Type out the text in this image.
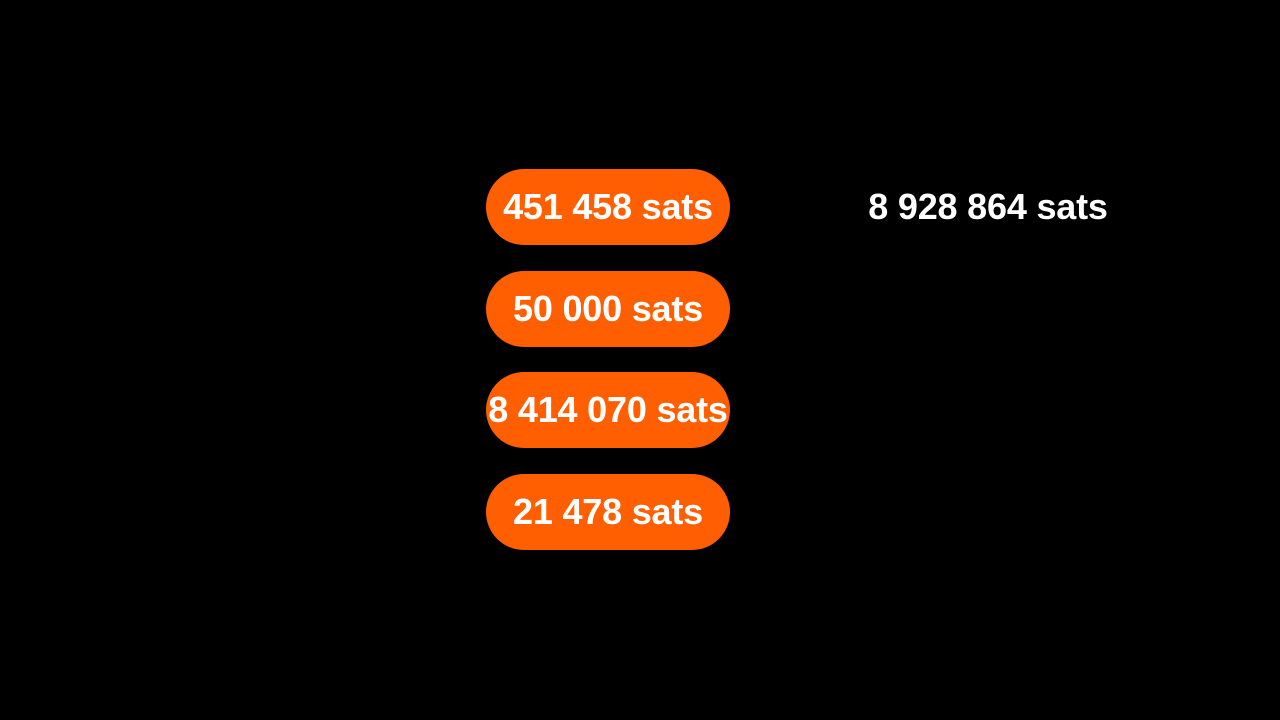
451 458 sats
50 000 sats
8 414 070 sats
21 478 sats
8 928 864 sats
